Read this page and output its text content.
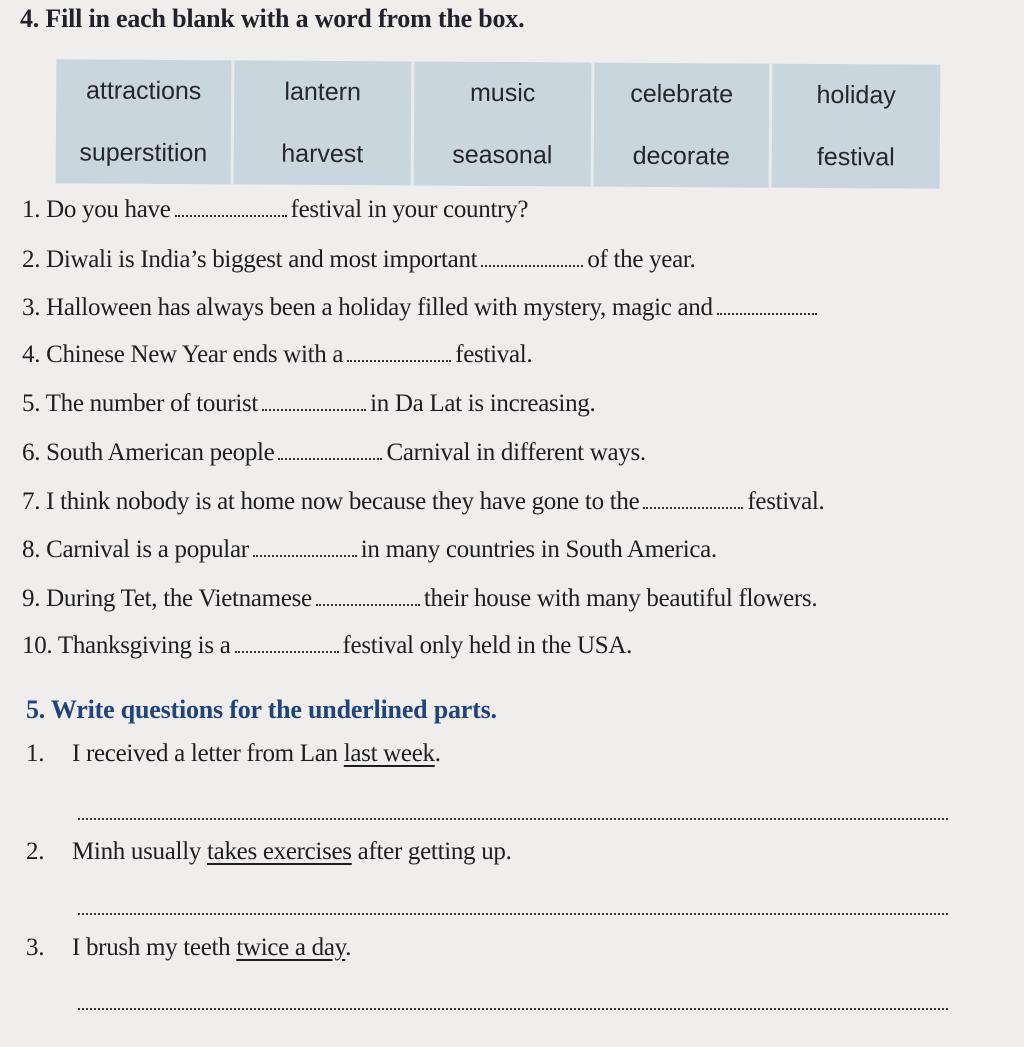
4. Fill in each blank with a word from the box.
attractions	lantern	music	celebrate	holiday
superstition	harvest	seasonal	decorate	festival
1. Do you have	festival in your country?
2. Diwali is India’s biggest and most important	of the year.
3. Halloween has always been a holiday filled with mystery, magic and
4. Chinese New Year ends with a	festival.
5. The number of tourist	in Da Lat is increasing.
6. South American people	Carnival in different ways.
7. I think nobody is at home now because they have gone to the	festival.
8. Carnival is a popular	in many countries in South America.
9. During Tet, the Vietnamese	their house with many beautiful flowers.
10. Thanksgiving is a	festival only held in the USA.
5. Write questions for the underlined parts.
1. I received a letter from Lan last week.
2. Minh usually takes exercises after getting up.
3. I brush my teeth twice a day.
